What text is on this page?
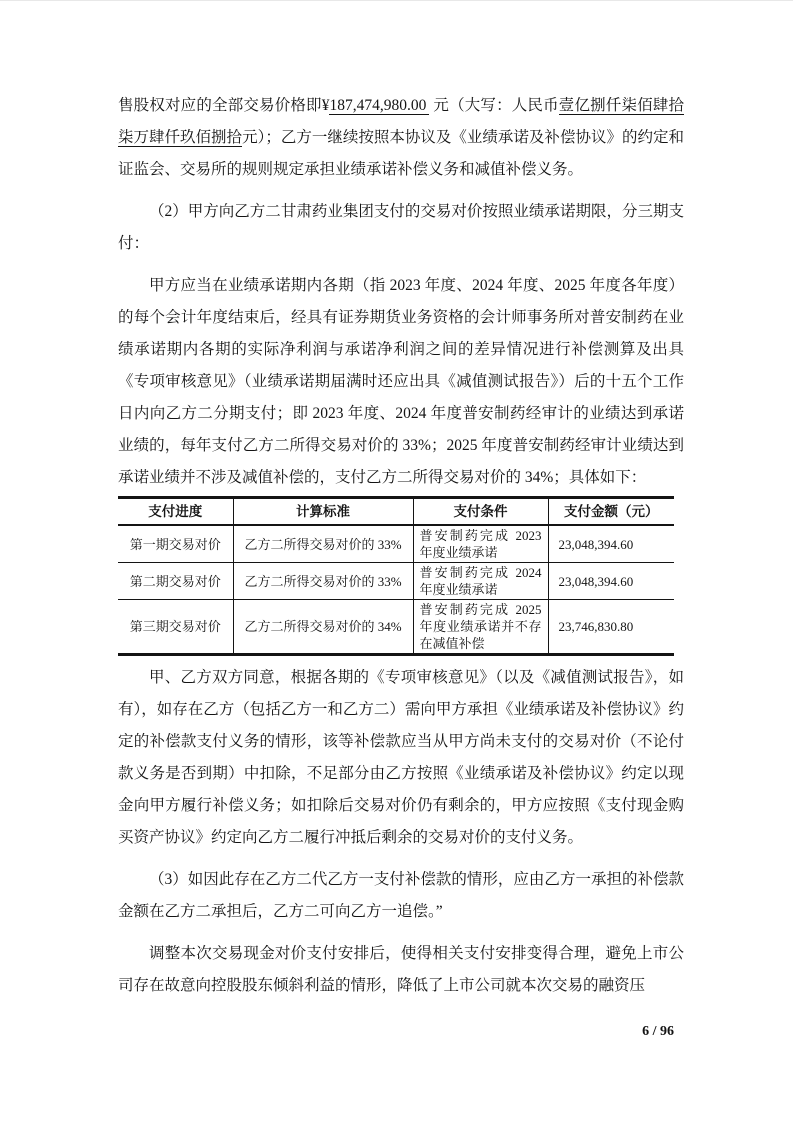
售股权对应的全部交易价格即¥187,474,980.00 元（大写：人民币壹亿捌仟柒佰肆拾柒万肆仟玖佰捌拾元）；乙方一继续按照本协议及《业绩承诺及补偿协议》的约定和证监会、交易所的规则规定承担业绩承诺补偿义务和减值补偿义务。

（2）甲方向乙方二甘肃药业集团支付的交易对价按照业绩承诺期限，分三期支付：

甲方应当在业绩承诺期内各期（指 2023 年度、2024 年度、2025 年度各年度）的每个会计年度结束后，经具有证券期货业务资格的会计师事务所对普安制药在业绩承诺期内各期的实际净利润与承诺净利润之间的差异情况进行补偿测算及出具《专项审核意见》（业绩承诺期届满时还应出具《减值测试报告》）后的十五个工作日内向乙方二分期支付；即 2023 年度、2024 年度普安制药经审计的业绩达到承诺业绩的，每年支付乙方二所得交易对价的 33%；2025 年度普安制药经审计业绩达到承诺业绩并不涉及减值补偿的，支付乙方二所得交易对价的 34%；具体如下：

支付进度	计算标准	支付条件	支付金额（元）
第一期交易对价	乙方二所得交易对价的 33%	普安制药完成 2023 年度业绩承诺	23,048,394.60
第二期交易对价	乙方二所得交易对价的 33%	普安制药完成 2024 年度业绩承诺	23,048,394.60
第三期交易对价	乙方二所得交易对价的 34%	普安制药完成 2025 年度业绩承诺并不存在减值补偿	23,746,830.80

甲、乙方双方同意，根据各期的《专项审核意见》（以及《减值测试报告》，如有），如存在乙方（包括乙方一和乙方二）需向甲方承担《业绩承诺及补偿协议》约定的补偿款支付义务的情形，该等补偿款应当从甲方尚未支付的交易对价（不论付款义务是否到期）中扣除，不足部分由乙方按照《业绩承诺及补偿协议》约定以现金向甲方履行补偿义务；如扣除后交易对价仍有剩余的，甲方应按照《支付现金购买资产协议》约定向乙方二履行冲抵后剩余的交易对价的支付义务。

（3）如因此存在乙方二代乙方一支付补偿款的情形，应由乙方一承担的补偿款金额在乙方二承担后，乙方二可向乙方一追偿。”

调整本次交易现金对价支付安排后，使得相关支付安排变得合理，避免上市公司存在故意向控股股东倾斜利益的情形，降低了上市公司就本次交易的融资压

6 / 96
